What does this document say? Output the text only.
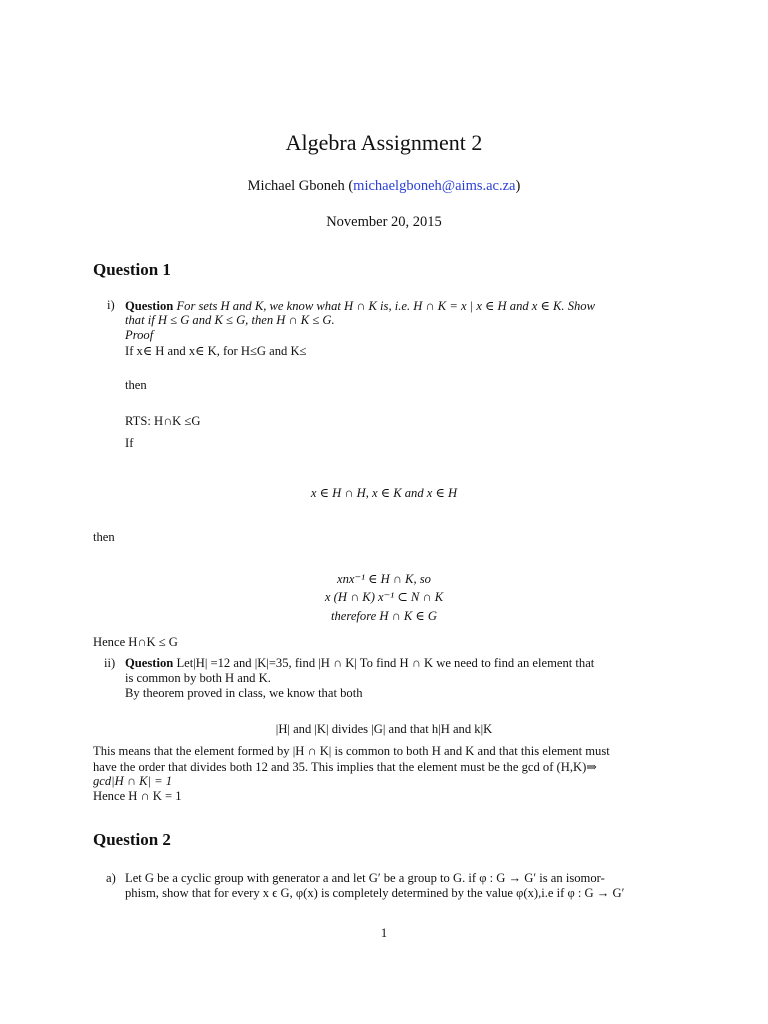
Algebra Assignment 2
Michael Gboneh (michaelgboneh@aims.ac.za)
November 20, 2015
Question 1
i) Question For sets H and K, we know what H ∩ K is, i.e. H ∩ K = x | x ∈ H and x ∈ K. Show
that if H ≤ G and K ≤ G, then H ∩ K ≤ G.
Proof
If x∈ H and x∈ K, for H≤G and K≤
then
RTS: H∩K ≤G
If
x ∈ H ∩ H, x ∈ K and x ∈ H
then
xnx⁻¹ ∈ H ∩ K, so
x (H ∩ K) x⁻¹ ⊂ N ∩ K
therefore H ∩ K ∈ G
Hence H∩K ≤ G
ii) Question Let|H| =12 and |K|=35, find |H ∩ K| To find H ∩ K we need to find an element that
is common by both H and K.
By theorem proved in class, we know that both
|H| and |K| divides |G| and that h|H and k|K
This means that the element formed by |H ∩ K| is common to both H and K and that this element must
have the order that divides both 12 and 35. This implies that the element must be the gcd of (H,K)⇒
gcd|H ∩ K| = 1
Hence H ∩ K = 1
Question 2
a) Let G be a cyclic group with generator a and let G′ be a group to G. if φ : G → G′ is an isomor-
phism, show that for every x ϵ G, φ(x) is completely determined by the value φ(x),i.e if φ : G → G′
1
